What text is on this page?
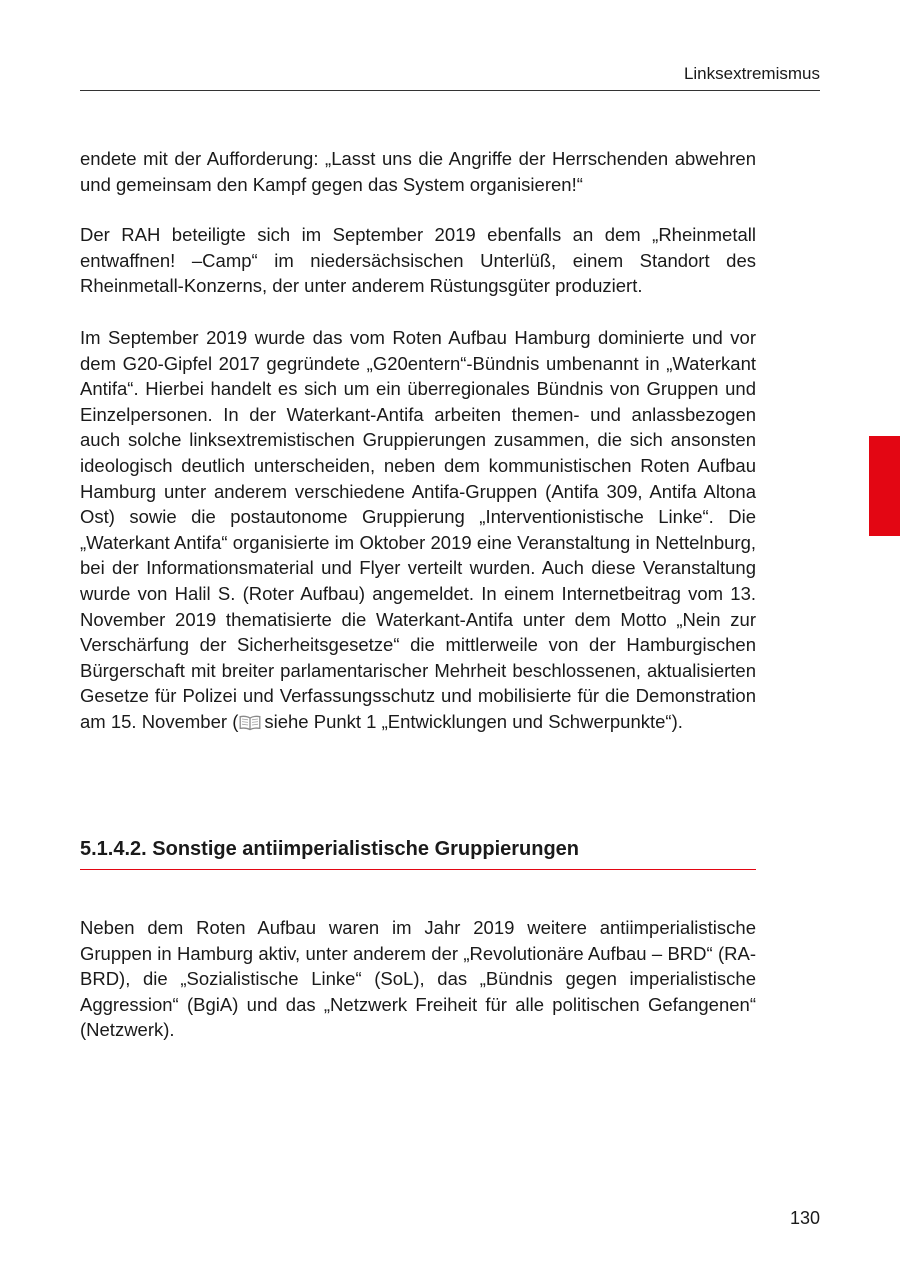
Linksextremismus

endete mit der Aufforderung: „Lasst uns die Angriffe der Herrschenden abwehren und gemeinsam den Kampf gegen das System organisieren!“

Der RAH beteiligte sich im September 2019 ebenfalls an dem „Rheinmetall entwaffnen! –Camp“ im niedersächsischen Unterlüß, einem Standort des Rheinmetall-Konzerns, der unter anderem Rüstungsgüter produziert.

Im September 2019 wurde das vom Roten Aufbau Hamburg dominierte und vor dem G20-Gipfel 2017 gegründete „G20entern“-Bündnis umbenannt in „Waterkant Antifa“. Hierbei handelt es sich um ein überregionales Bündnis von Gruppen und Einzelpersonen. In der Waterkant-Antifa arbeiten themen- und anlassbezogen auch solche linksextremistischen Gruppierungen zusammen, die sich ansonsten ideologisch deutlich unterscheiden, neben dem kommunistischen Roten Aufbau Hamburg unter anderem verschiedene Antifa-Gruppen (Antifa 309, Antifa Altona Ost) sowie die postautonome Gruppierung „Interventionistische Linke“. Die „Waterkant Antifa“ organisierte im Oktober 2019 eine Veranstaltung in Nettelnburg, bei der Informationsmaterial und Flyer verteilt wurden. Auch diese Veranstaltung wurde von Halil S. (Roter Aufbau) angemeldet. In einem Internetbeitrag vom 13. November 2019 thematisierte die Waterkant-Antifa unter dem Motto „Nein zur Verschärfung der Sicherheitsgesetze“ die mittlerweile von der Hamburgischen Bürgerschaft mit breiter parlamentarischer Mehrheit beschlossenen, aktualisierten Gesetze für Polizei und Verfassungsschutz und mobilisierte für die Demonstration am 15. November ( siehe Punkt 1 „Entwicklungen und Schwerpunkte“).

5.1.4.2. Sonstige antiimperialistische Gruppierungen

Neben dem Roten Aufbau waren im Jahr 2019 weitere antiimperialistische Gruppen in Hamburg aktiv, unter anderem der „Revolutionäre Aufbau – BRD“ (RA-BRD), die „Sozialistische Linke“ (SoL), das „Bündnis gegen imperialistische Aggression“ (BgiA) und das „Netzwerk Freiheit für alle politischen Gefangenen“ (Netzwerk).

130
